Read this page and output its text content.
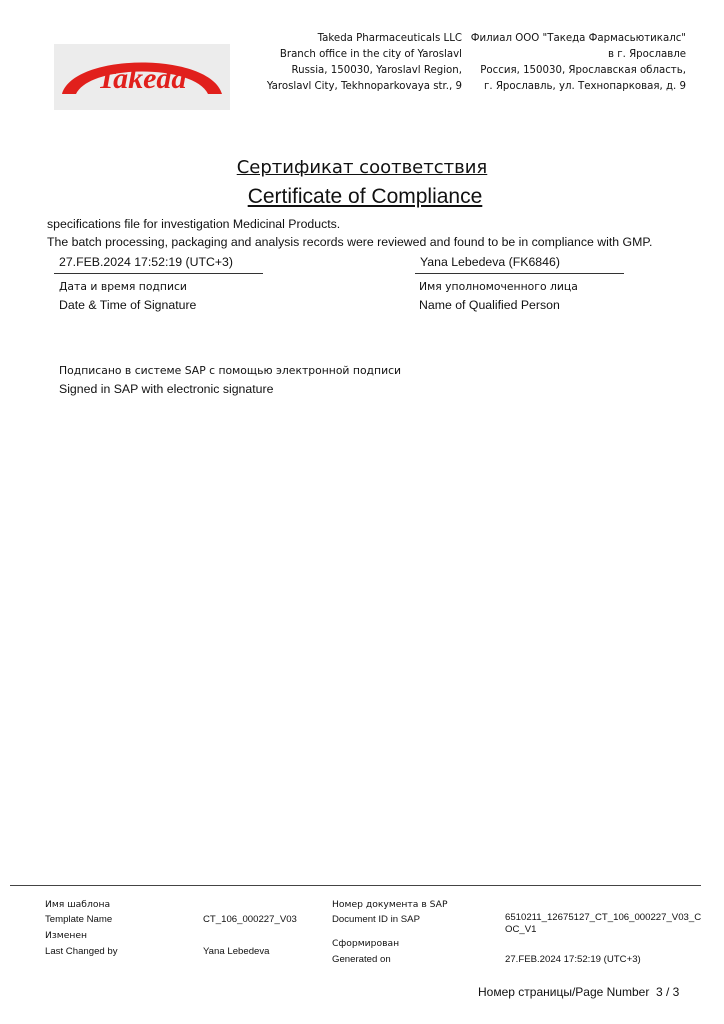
Takeda
Takeda Pharmaceuticals LLC
Branch office in the city of Yaroslavl
Russia, 150030, Yaroslavl Region,
Yaroslavl City, Tekhnoparkovaya str., 9
Филиал ООО "Такеда Фармасьютикалс"
в г. Ярославле
Россия, 150030, Ярославская область,
г. Ярославль, ул. Технопарковая, д. 9
Сертификат соответствия
Certificate of Compliance
specifications file for investigation Medicinal Products.
The batch processing, packaging and analysis records were reviewed and found to be in compliance with GMP.
27.FEB.2024 17:52:19 (UTC+3)
Дата и время подписи
Date & Time of Signature
Yana Lebedeva (FK6846)
Имя уполномоченного лица
Name of Qualified Person
Подписано в системе SAP с помощью электронной подписи
Signed in SAP with electronic signature
Имя шаблона
Template Name	CT_106_000227_V03
Изменен
Last Changed by	Yana Lebedeva
Номер документа в SAP
Document ID in SAP	6510211_12675127_CT_106_000227_V03_COC_V1
Сформирован
Generated on	27.FEB.2024 17:52:19 (UTC+3)
Номер страницы/Page Number 3 / 3
